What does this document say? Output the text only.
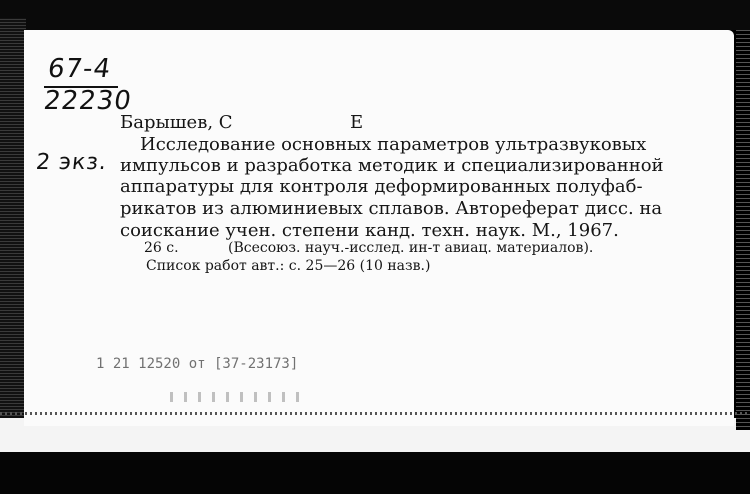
67-4
22230
2 экз.
Барышев, С	Е
Исследование основных параметров ультразвуковых
импульсов и разработка методик и специализированной
аппаратуры для контроля деформированных полуфаб-
рикатов из алюминиевых сплавов. Автореферат дисс. на
соискание учен. степени канд. техн. наук. М., 1967.
26 с.	(Всесоюз. науч.-исслед. ин-т авиац. материалов).
Список работ авт.: с. 25—26 (10 назв.)
1 21 12520 от [37-23173]
